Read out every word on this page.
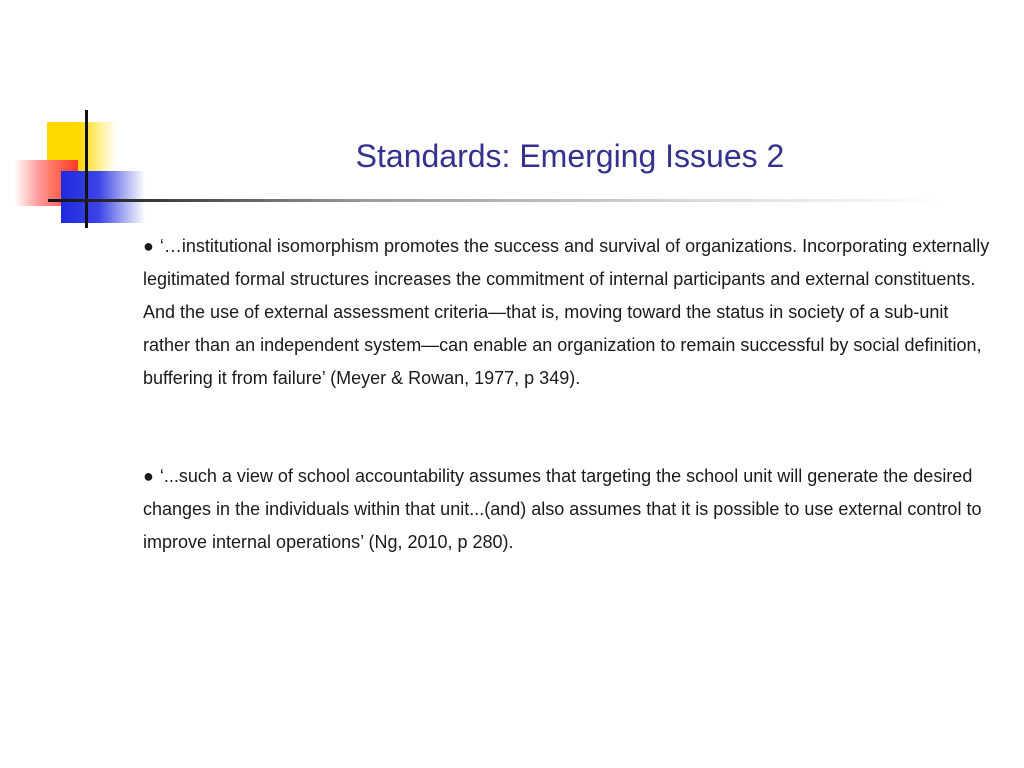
Standards: Emerging Issues 2

● ‘…institutional isomorphism promotes the success and survival of organizations. Incorporating externally legitimated formal structures increases the commitment of internal participants and external constituents. And the use of external assessment criteria—that is, moving toward the status in society of a sub-unit rather than an independent system—can enable an organization to remain successful by social definition, buffering it from failure’ (Meyer & Rowan, 1977, p 349).

● ‘...such a view of school accountability assumes that targeting the school unit will generate the desired changes in the individuals within that unit...(and) also assumes that it is possible to use external control to improve internal operations’ (Ng, 2010, p 280).
